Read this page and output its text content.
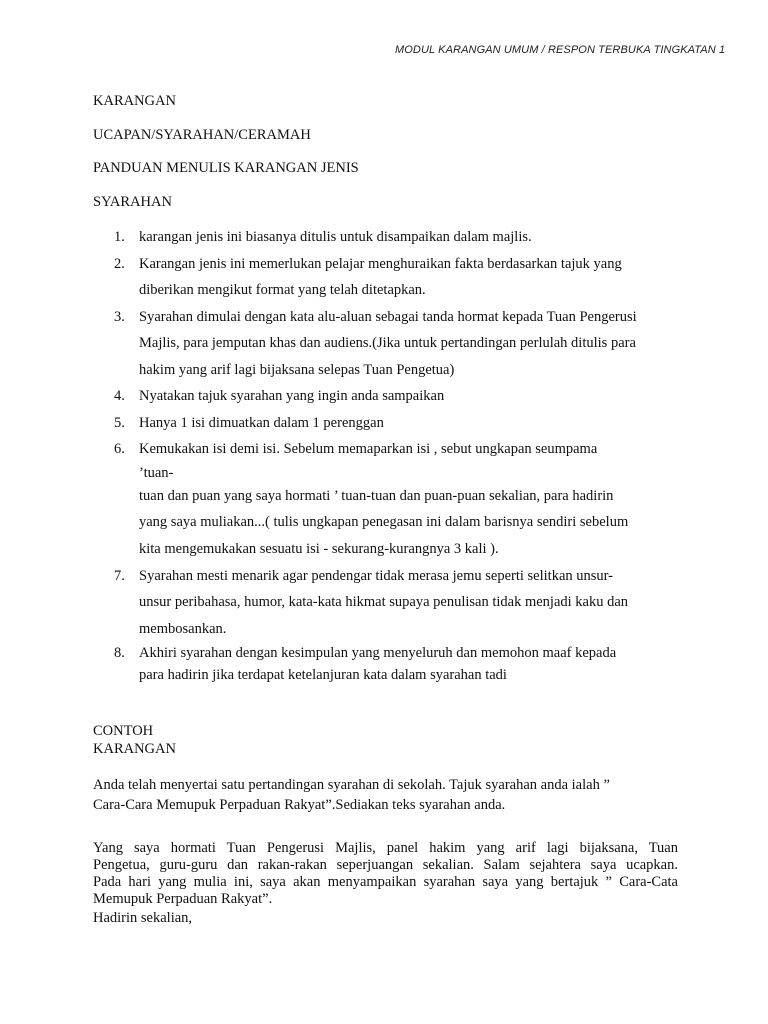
MODUL KARANGAN UMUM / RESPON TERBUKA TINGKATAN 1
KARANGAN
UCAPAN/SYARAHAN/CERAMAH
PANDUAN MENULIS KARANGAN JENIS
SYARAHAN
1. karangan jenis ini biasanya ditulis untuk disampaikan dalam majlis.
2. Karangan jenis ini memerlukan pelajar menghuraikan fakta berdasarkan tajuk yang
diberikan mengikut format yang telah ditetapkan.
3. Syarahan dimulai dengan kata alu-aluan sebagai tanda hormat kepada Tuan Pengerusi
Majlis, para jemputan khas dan audiens.(Jika untuk pertandingan perlulah ditulis para
hakim yang arif lagi bijaksana selepas Tuan Pengetua)
4. Nyatakan tajuk syarahan yang ingin anda sampaikan
5. Hanya 1 isi dimuatkan dalam 1 perenggan
6. Kemukakan isi demi isi. Sebelum memaparkan isi , sebut ungkapan seumpama
’tuan-
tuan dan puan yang saya hormati ’ tuan-tuan dan puan-puan sekalian, para hadirin
yang saya muliakan...( tulis ungkapan penegasan ini dalam barisnya sendiri sebelum
kita mengemukakan sesuatu isi - sekurang-kurangnya 3 kali ).
7. Syarahan mesti menarik agar pendengar tidak merasa jemu seperti selitkan unsur-
unsur peribahasa, humor, kata-kata hikmat supaya penulisan tidak menjadi kaku dan
membosankan.
8. Akhiri syarahan dengan kesimpulan yang menyeluruh dan memohon maaf kepada
para hadirin jika terdapat ketelanjuran kata dalam syarahan tadi
CONTOH
KARANGAN
Anda telah menyertai satu pertandingan syarahan di sekolah. Tajuk syarahan anda ialah ”
Cara-Cara Memupuk Perpaduan Rakyat”.Sediakan teks syarahan anda.
Yang saya hormati Tuan Pengerusi Majlis, panel hakim yang arif lagi bijaksana, Tuan
Pengetua, guru-guru dan rakan-rakan seperjuangan sekalian. Salam sejahtera saya ucapkan.
Pada hari yang mulia ini, saya akan menyampaikan syarahan saya yang bertajuk ” Cara-Cata
Memupuk Perpaduan Rakyat”.
Hadirin sekalian,
